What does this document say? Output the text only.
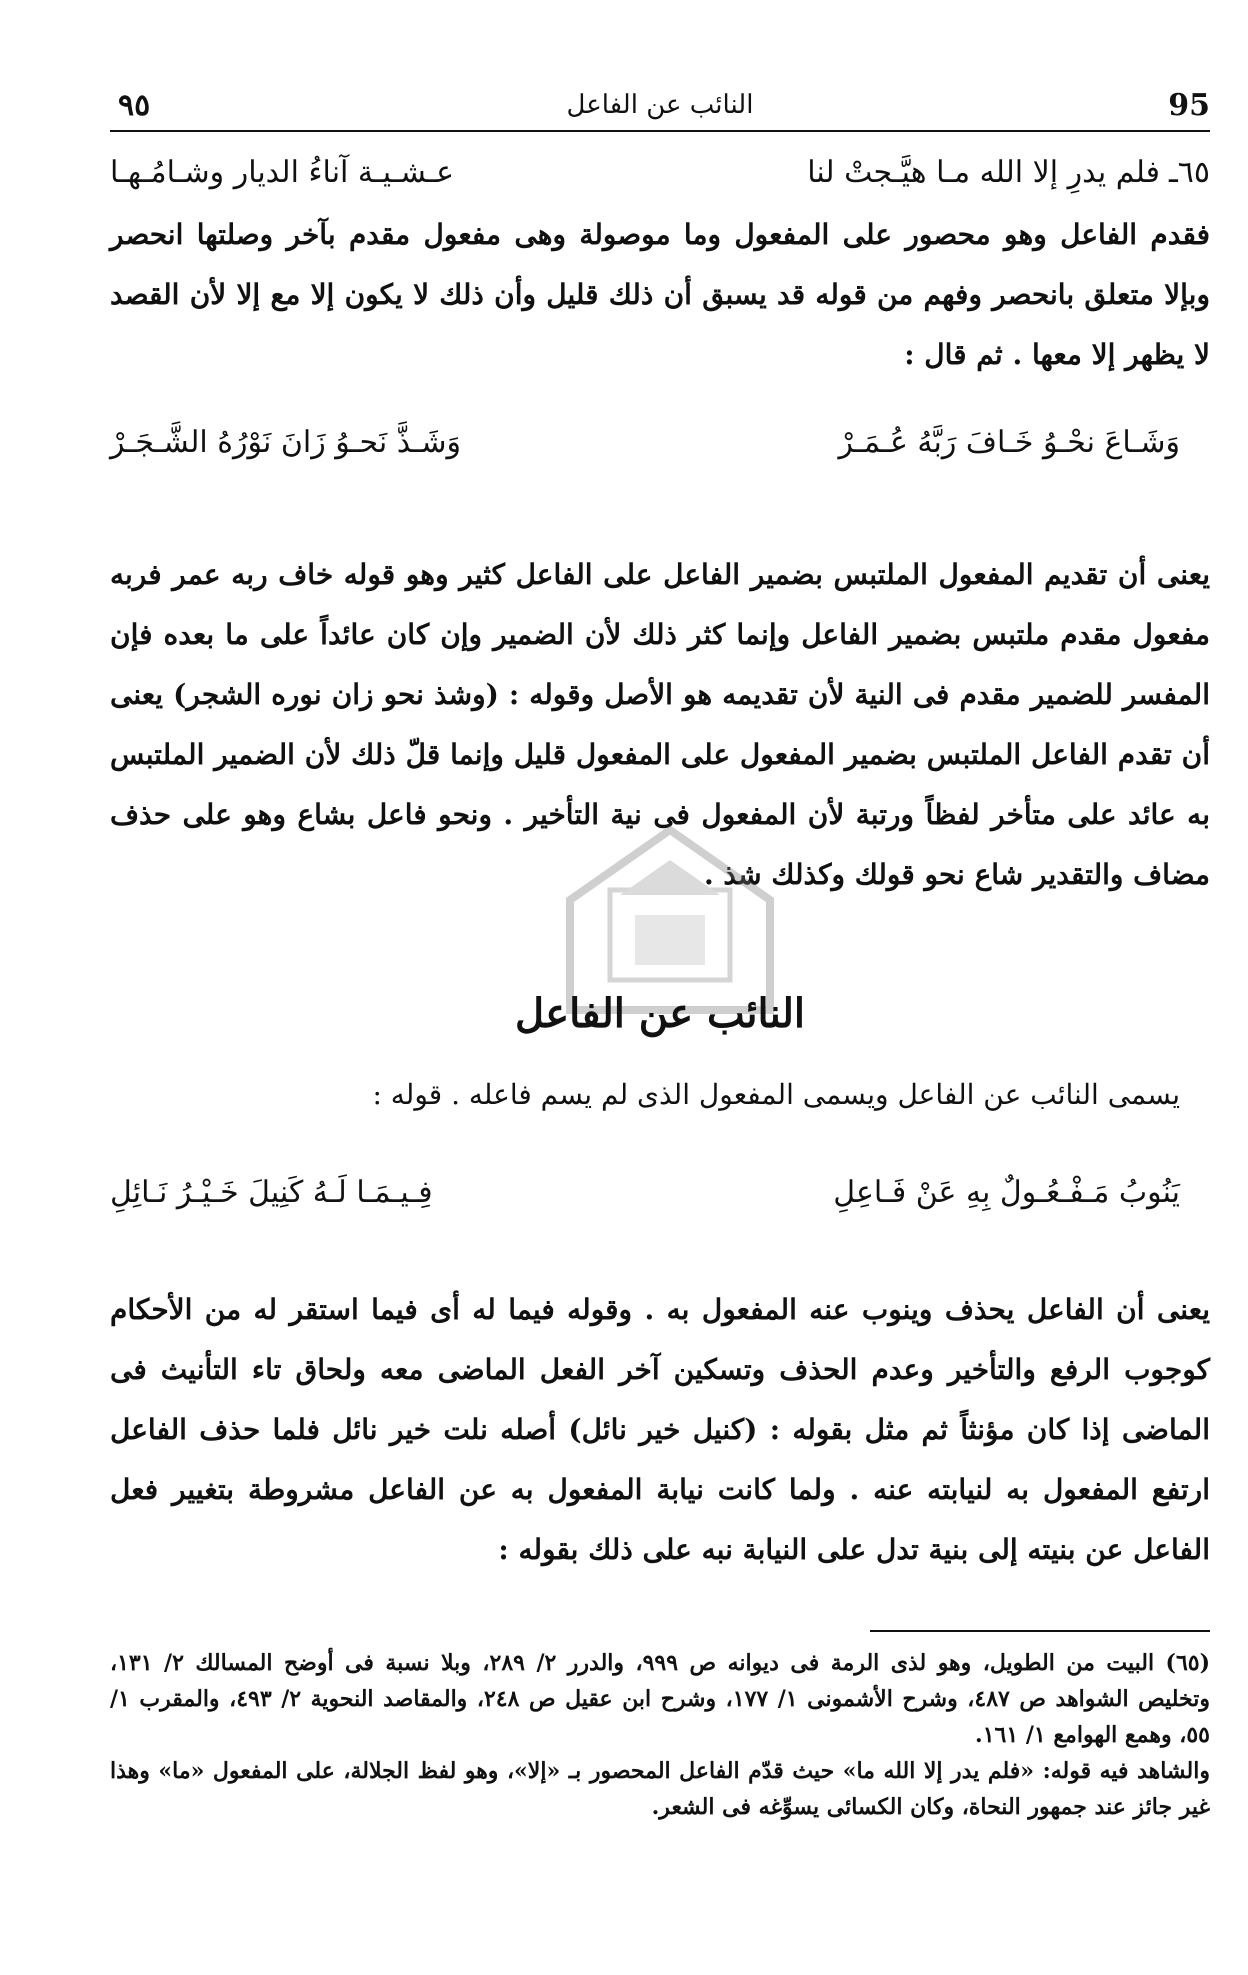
95
النائب عن الفاعل
٩٥
٦٥ـ
فلم يدرِ إلا الله مـا هيَّـجتْ لنا
عـشـيـة آناءُ الديار وشـامُـهـا
فقدم الفاعل وهو محصور على المفعول وما موصولة وهى مفعول مقدم بآخر وصلتها انحصر وبإلا متعلق بانحصر وفهم من قوله قد يسبق أن ذلك قليل وأن ذلك لا يكون إلا مع إلا لأن القصد لا يظهر إلا معها . ثم قال :
وَشَـاعَ نحْـوُ خَـافَ رَبَّهُ عُـمَـرْ
وَشَـذَّ نَحـوُ زَانَ نَوْرُهُ الشَّـجَـرْ
يعنى أن تقديم المفعول الملتبس بضمير الفاعل على الفاعل كثير وهو قوله خاف ربه عمر فربه مفعول مقدم ملتبس بضمير الفاعل وإنما كثر ذلك لأن الضمير وإن كان عائداً على ما بعده فإن المفسر للضمير مقدم فى النية لأن تقديمه هو الأصل وقوله : (وشذ نحو زان نوره الشجر) يعنى أن تقدم الفاعل الملتبس بضمير المفعول على المفعول قليل وإنما قلّ ذلك لأن الضمير الملتبس به عائد على متأخر لفظاً ورتبة لأن المفعول فى نية التأخير . ونحو فاعل بشاع وهو على حذف مضاف والتقدير شاع نحو قولك وكذلك شذ .
النائب عن الفاعل
يسمى النائب عن الفاعل ويسمى المفعول الذى لم يسم فاعله . قوله :
يَنُوبُ مَـفْـعُـولٌ بِهِ عَنْ فَـاعِلِ
فِـيـمَـا لَـهُ كَنِيلَ خَـيْـرُ نَـائِلِ
يعنى أن الفاعل يحذف وينوب عنه المفعول به . وقوله فيما له أى فيما استقر له من الأحكام كوجوب الرفع والتأخير وعدم الحذف وتسكين آخر الفعل الماضى معه ولحاق تاء التأنيث فى الماضى إذا كان مؤنثاً ثم مثل بقوله : (كنيل خير نائل) أصله نلت خير نائل فلما حذف الفاعل ارتفع المفعول به لنيابته عنه . ولما كانت نيابة المفعول به عن الفاعل مشروطة بتغيير فعل الفاعل عن بنيته إلى بنية تدل على النيابة نبه على ذلك بقوله :

(٦٥) البيت من الطويل، وهو لذى الرمة فى ديوانه ص ٩٩٩، والدرر ٢/ ٢٨٩، وبلا نسبة فى أوضح المسالك ٢/ ١٣١، وتخليص الشواهد ص ٤٨٧، وشرح الأشمونى ١/ ١٧٧، وشرح ابن عقيل ص ٢٤٨، والمقاصد النحوية ٢/ ٤٩٣، والمقرب ١/ ٥٥، وهمع الهوامع ١/ ١٦١.

والشاهد فيه قوله: «فلم يدر إلا الله ما» حيث قدّم الفاعل المحصور بـ «إلا»، وهو لفظ الجلالة، على المفعول «ما» وهذا غير جائز عند جمهور النحاة، وكان الكسائى يسوِّغه فى الشعر.
